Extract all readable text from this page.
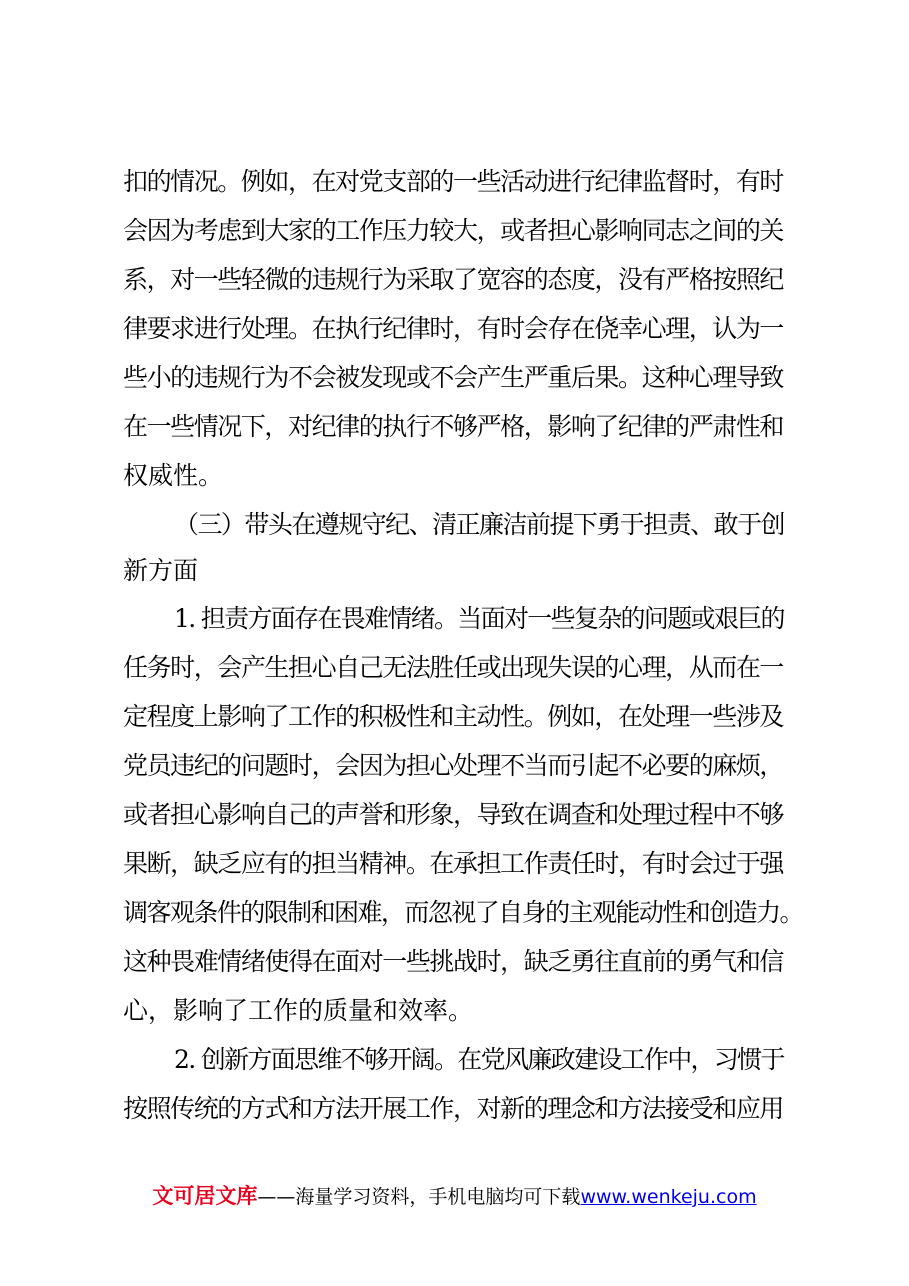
扣的情况。例如，在对党支部的一些活动进行纪律监督时，有时
会因为考虑到大家的工作压力较大，或者担心影响同志之间的关
系，对一些轻微的违规行为采取了宽容的态度，没有严格按照纪
律要求进行处理。在执行纪律时，有时会存在侥幸心理，认为一
些小的违规行为不会被发现或不会产生严重后果。这种心理导致
在一些情况下，对纪律的执行不够严格，影响了纪律的严肃性和
权威性。
（三）带头在遵规守纪、清正廉洁前提下勇于担责、敢于创
新方面
1. 担责方面存在畏难情绪。当面对一些复杂的问题或艰巨的
任务时，会产生担心自己无法胜任或出现失误的心理，从而在一
定程度上影响了工作的积极性和主动性。例如，在处理一些涉及
党员违纪的问题时，会因为担心处理不当而引起不必要的麻烦，
或者担心影响自己的声誉和形象，导致在调查和处理过程中不够
果断，缺乏应有的担当精神。在承担工作责任时，有时会过于强
调客观条件的限制和困难，而忽视了自身的主观能动性和创造力。
这种畏难情绪使得在面对一些挑战时，缺乏勇往直前的勇气和信
心，影响了工作的质量和效率。
2. 创新方面思维不够开阔。在党风廉政建设工作中，习惯于
按照传统的方式和方法开展工作，对新的理念和方法接受和应用
文可居文库——海量学习资料，手机电脑均可下载www.wenkeju.com
